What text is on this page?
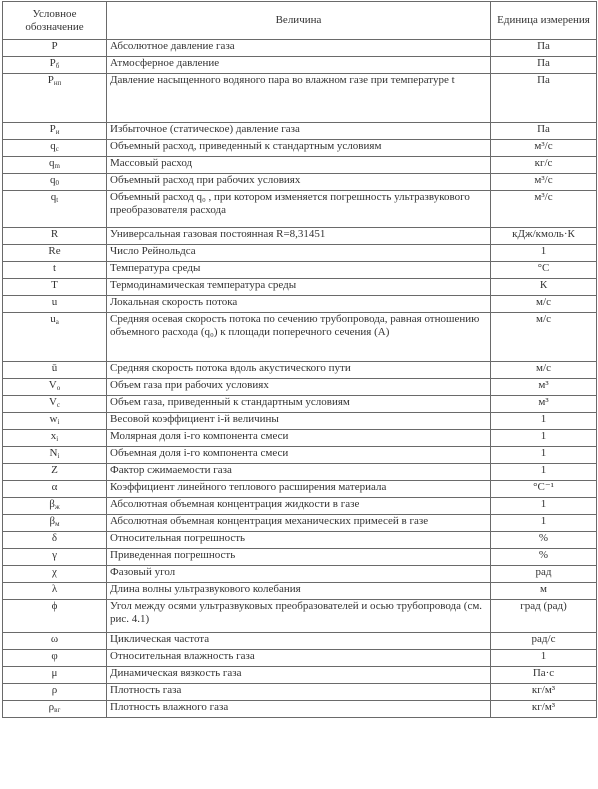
Условное обозначение	Величина	Единица измерения
P	Абсолютное давление газа	Па
$P_б$	Атмосферное давление	Па
$P_{нп}$	Давление насыщенного водяного пара во влажном газе при температуре t	Па
$P_и$	Избыточное (статическое) давление газа	Па
$q_c$	Объемный расход, приведенный к стандартным условиям	м³/с
$q_m$	Массовый расход	кг/с
$q_0$	Объемный расход при рабочих условиях	м³/с
$q_t$	Объемный расход q₀ , при котором изменяется погрешность ультразвукового преобразователя расхода	м³/с
R	Универсальная газовая постоянная R=8,31451	кДж/кмоль·К
Re	Число Рейнольдса	1
t	Температура среды	°С
T	Термодинамическая температура среды	К
u	Локальная скорость потока	м/с
$u_a$	Средняя осевая скорость потока по сечению трубопровода, равная отношению объемного расхода (q₀) к площади поперечного сечения (А)	м/с
ū	Средняя скорость потока вдоль акустического пути	м/с
$V_o$	Объем газа при рабочих условиях	м³
$V_c$	Объем газа, приведенный к стандартным условиям	м³
$w_i$	Весовой коэффициент i-й величины	1
$x_i$	Молярная доля i-го компонента смеси	1
$N_i$	Объемная доля i-го компонента смеси	1
Z	Фактор сжимаемости газа	1
α	Коэффициент линейного теплового расширения материала	°С⁻¹
$\beta_ж$	Абсолютная объемная концентрация жидкости в газе	1
$\beta_м$	Абсолютная объемная концентрация механических примесей в газе	1
δ	Относительная погрешность	%
γ	Приведенная погрешность	%
χ	Фазовый угол	рад
λ	Длина волны ультразвукового колебания	м
ϕ	Угол между осями ультразвуковых преобразователей и осью трубопровода (см. рис. 4.1)	град (рад)
ω	Циклическая частота	рад/с
φ	Относительная влажность газа	1
μ	Динамическая вязкость газа	Па·с
ρ	Плотность газа	кг/м³
$\rho_{вг}$	Плотность влажного газа	кг/м³
